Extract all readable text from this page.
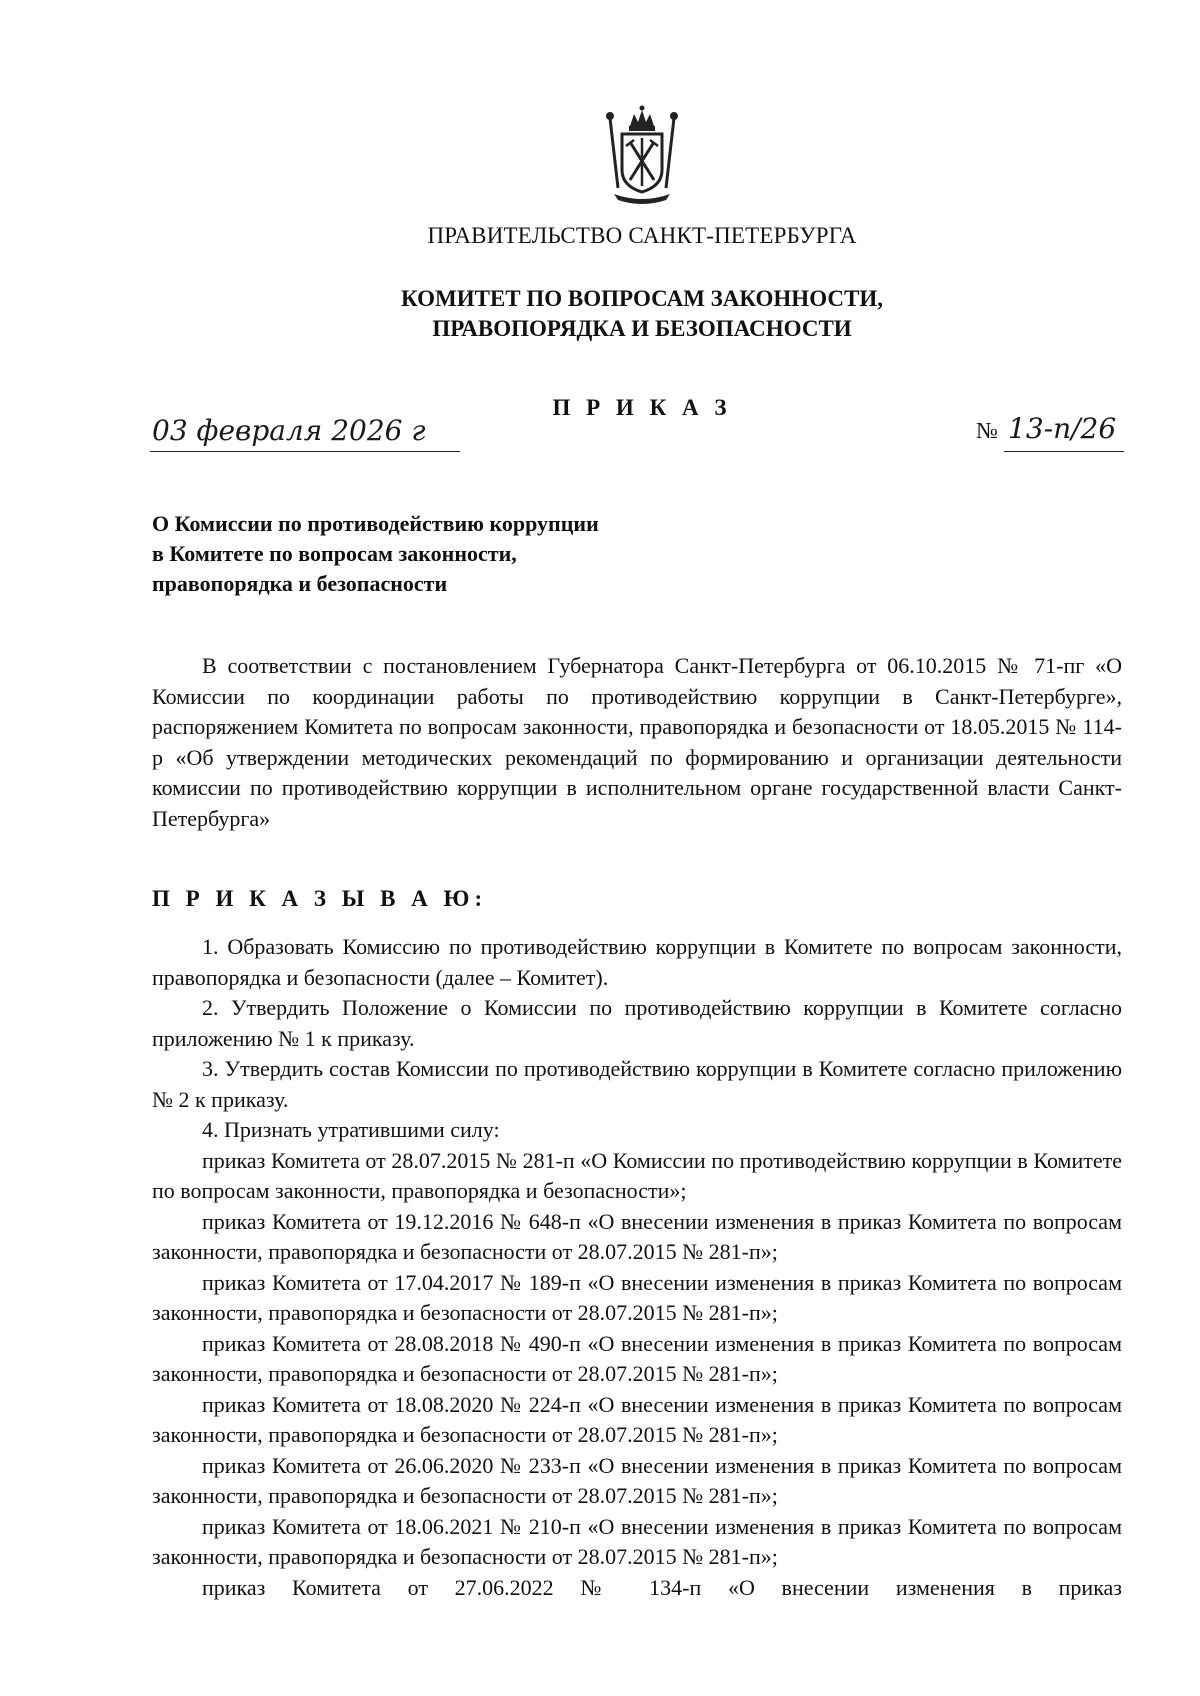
ПРАВИТЕЛЬСТВО САНКТ-ПЕТЕРБУРГА
КОМИТЕТ ПО ВОПРОСАМ ЗАКОННОСТИ,
ПРАВОПОРЯДКА И БЕЗОПАСНОСТИ
П Р И К А З
03 февраля 2026 г	№ 13-п/26
О Комиссии по противодействию коррупции
в Комитете по вопросам законности,
правопорядка и безопасности
В соответствии с постановлением Губернатора Санкт-Петербурга от 06.10.2015 № 71-пг «О Комиссии по координации работы по противодействию коррупции в Санкт-Петербурге», распоряжением Комитета по вопросам законности, правопорядка и безопасности от 18.05.2015 № 114-р «Об утверждении методических рекомендаций по формированию и организации деятельности комиссии по противодействию коррупции в исполнительном органе государственной власти Санкт-Петербурга»
П Р И К А З Ы В А Ю:

1. Образовать Комиссию по противодействию коррупции в Комитете по вопросам законности, правопорядка и безопасности (далее – Комитет).

2. Утвердить Положение о Комиссии по противодействию коррупции в Комитете согласно приложению № 1 к приказу.

3. Утвердить состав Комиссии по противодействию коррупции в Комитете согласно приложению № 2 к приказу.

4. Признать утратившими силу:

приказ Комитета от 28.07.2015 № 281-п «О Комиссии по противодействию коррупции в Комитете по вопросам законности, правопорядка и безопасности»;

приказ Комитета от 19.12.2016 № 648-п «О внесении изменения в приказ Комитета по вопросам законности, правопорядка и безопасности от 28.07.2015 № 281-п»;

приказ Комитета от 17.04.2017 № 189-п «О внесении изменения в приказ Комитета по вопросам законности, правопорядка и безопасности от 28.07.2015 № 281-п»;

приказ Комитета от 28.08.2018 № 490-п «О внесении изменения в приказ Комитета по вопросам законности, правопорядка и безопасности от 28.07.2015 № 281-п»;

приказ Комитета от 18.08.2020 № 224-п «О внесении изменения в приказ Комитета по вопросам законности, правопорядка и безопасности от 28.07.2015 № 281-п»;

приказ Комитета от 26.06.2020 № 233-п «О внесении изменения в приказ Комитета по вопросам законности, правопорядка и безопасности от 28.07.2015 № 281-п»;

приказ Комитета от 18.06.2021 № 210-п «О внесении изменения в приказ Комитета по вопросам законности, правопорядка и безопасности от 28.07.2015 № 281-п»;

приказ Комитета от 27.06.2022 № 134-п «О внесении изменения в приказ
